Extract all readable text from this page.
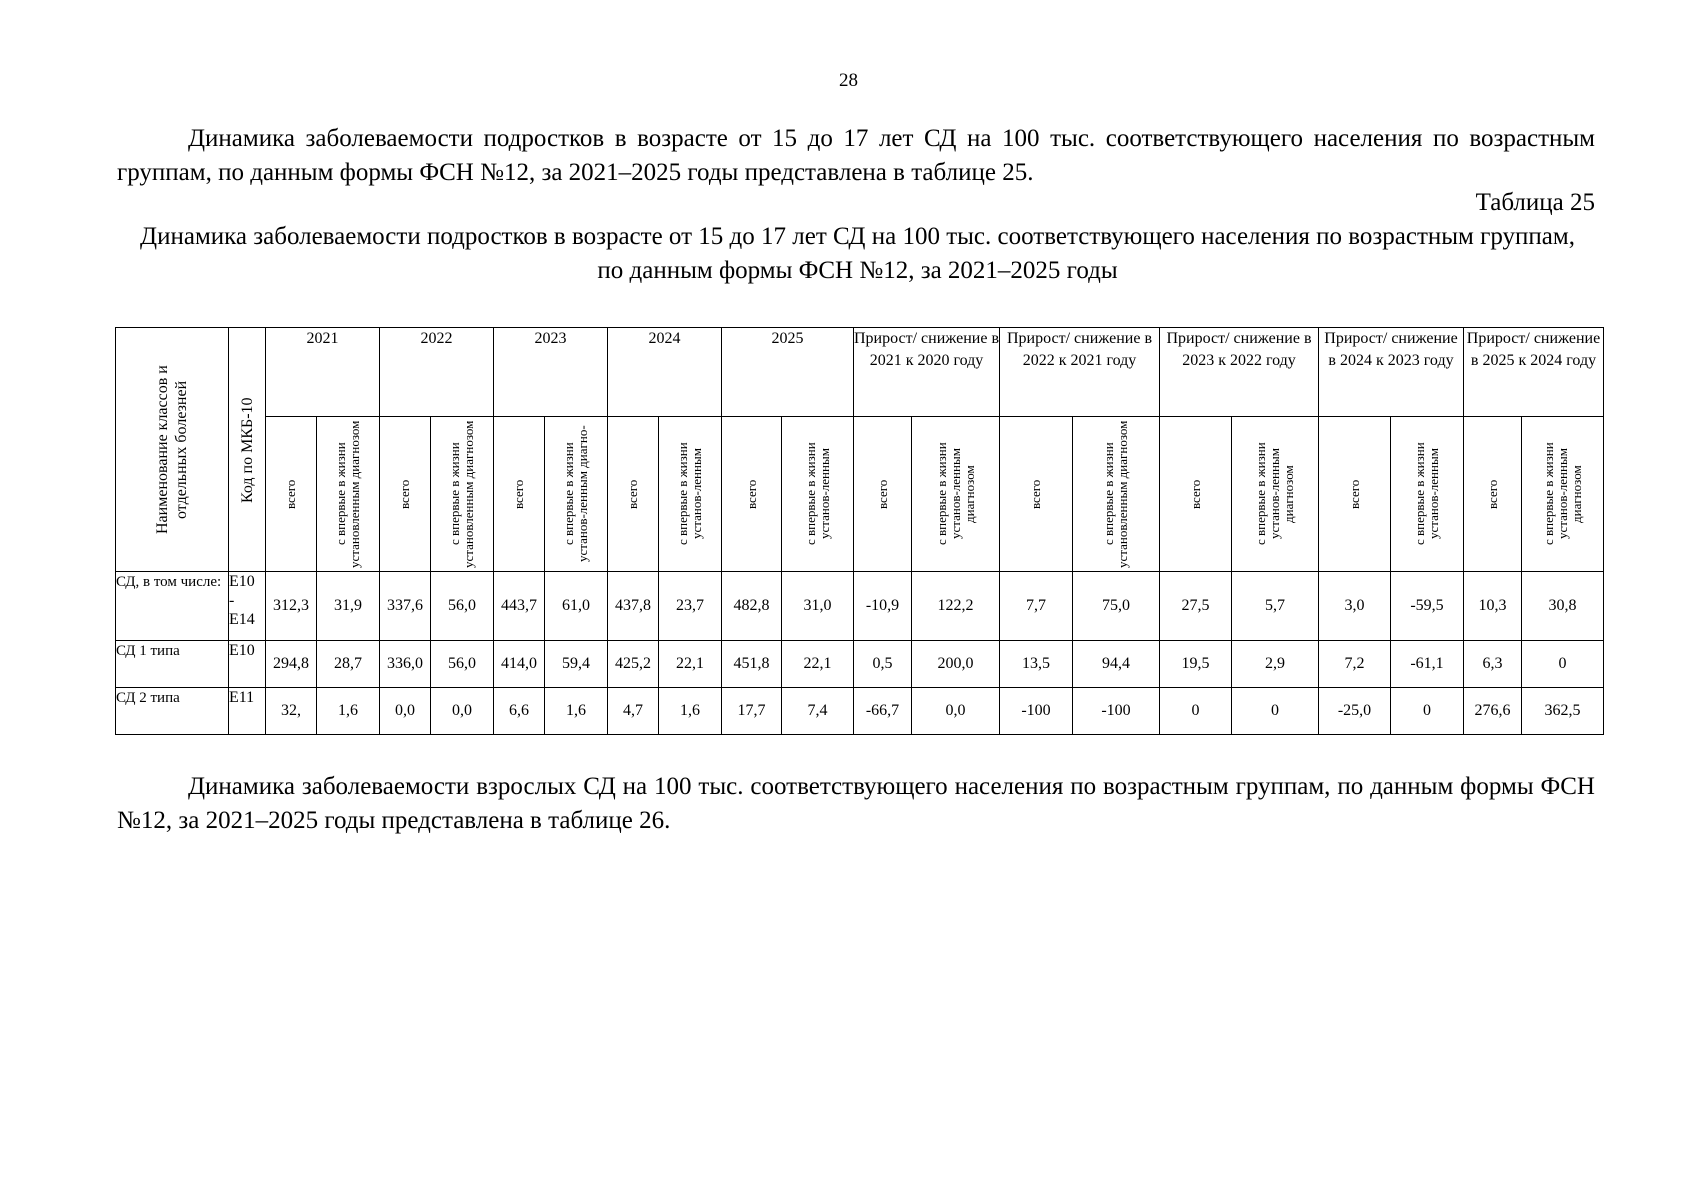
28

Динамика заболеваемости подростков в возрасте от 15 до 17 лет СД на 100 тыс. соответствующего населения по возрастным группам, по данным формы ФСН №12, за 2021–2025 годы представлена в таблице 25.

Таблица 25
Динамика заболеваемости подростков в возрасте от 15 до 17 лет СД на 100 тыс. соответствующего населения по возрастным группам, по данным формы ФСН №12, за 2021–2025 годы
Наименование классов и отдельных болезней	Код по МКБ-10	2021		2022		2023		2024		2025		Прирост/ снижение в 2021 к 2020 году		Прирост/ снижение в 2022 к 2021 году		Прирост/ снижение в 2023 к 2022 году		Прирост/ снижение в 2024 к 2023 году		Прирост/ снижение в 2025 к 2024 году	

		всего	с впервые в жизни установленным диагнозом	всего	с впервые в жизни установленным диагнозом	всего	с впервые в жизни установ-ленным диагно-	всего	с впервые в жизни установ-ленным	всего	с впервые в жизни установ-ленным	всего	с впервые в жизни установ-ленным диагнозом	всего	с впервые в жизни установленным диагнозом	всего	с впервые в жизни установ-ленным диагнозом	всего	с впервые в жизни установ-ленным	всего	с впервые в жизни установ-ленным диагнозом

СД, в том числе:	Е10 - Е14	312,3	31,9	337,6	56,0	443,7	61,0	437,8	23,7	482,8	31,0	-10,9	122,2	7,7	75,0	27,5	5,7	3,0	-59,5	10,3	30,8
СД 1 типа	Е10	294,8	28,7	336,0	56,0	414,0	59,4	425,2	22,1	451,8	22,1	0,5	200,0	13,5	94,4	19,5	2,9	7,2	-61,1	6,3	0
СД 2 типа	Е11	32,	1,6	0,0	0,0	6,6	1,6	4,7	1,6	17,7	7,4	-66,7	0,0	-100	-100	0	0	-25,0	0	276,6	362,5

Динамика заболеваемости взрослых СД на 100 тыс. соответствующего населения по возрастным группам, по данным формы ФСН №12, за 2021–2025 годы представлена в таблице 26.
